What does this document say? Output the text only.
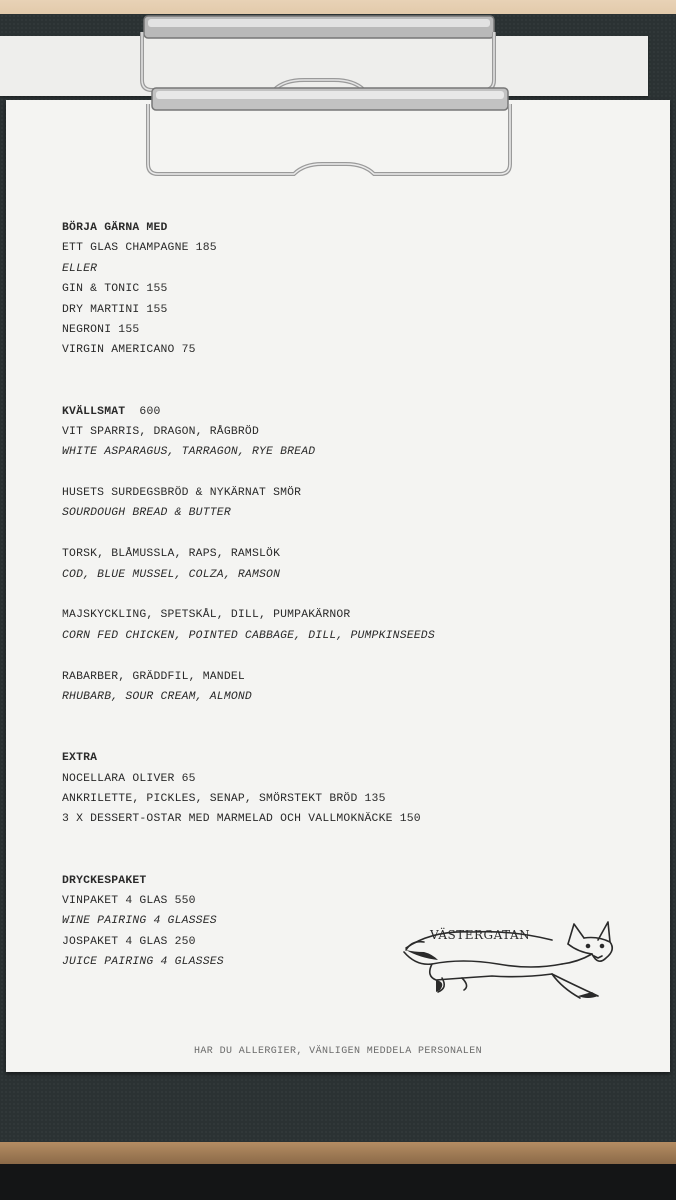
BÖRJA GÄRNA MED
ETT GLAS CHAMPAGNE 185
ELLER
GIN & TONIC 155
DRY MARTINI 155
NEGRONI 155
VIRGIN AMERICANO 75
KVÄLLSMAT 600
VIT SPARRIS, DRAGON, RÅGBRÖD
WHITE ASPARAGUS, TARRAGON, RYE BREAD
HUSETS SURDEGSBRÖD & NYKÄRNAT SMÖR
SOURDOUGH BREAD & BUTTER
TORSK, BLÅMUSSLA, RAPS, RAMSLÖK
COD, BLUE MUSSEL, COLZA, RAMSON
MAJSKYCKLING, SPETSKÅL, DILL, PUMPAKÄRNOR
CORN FED CHICKEN, POINTED CABBAGE, DILL, PUMPKINSEEDS
RABARBER, GRÄDDFIL, MANDEL
RHUBARB, SOUR CREAM, ALMOND
EXTRA
NOCELLARA OLIVER 65
ANKRILETTE, PICKLES, SENAP, SMÖRSTEKT BRÖD 135
3 X DESSERT-OSTAR MED MARMELAD OCH VALLMOKNÄCKE 150
DRYCKESPAKET
VINPAKET 4 GLAS 550
WINE PAIRING 4 GLASSES
JOSPAKET 4 GLAS 250
JUICE PAIRING 4 GLASSES
VÄSTERGATAN
HAR DU ALLERGIER, VÄNLIGEN MEDDELA PERSONALEN
